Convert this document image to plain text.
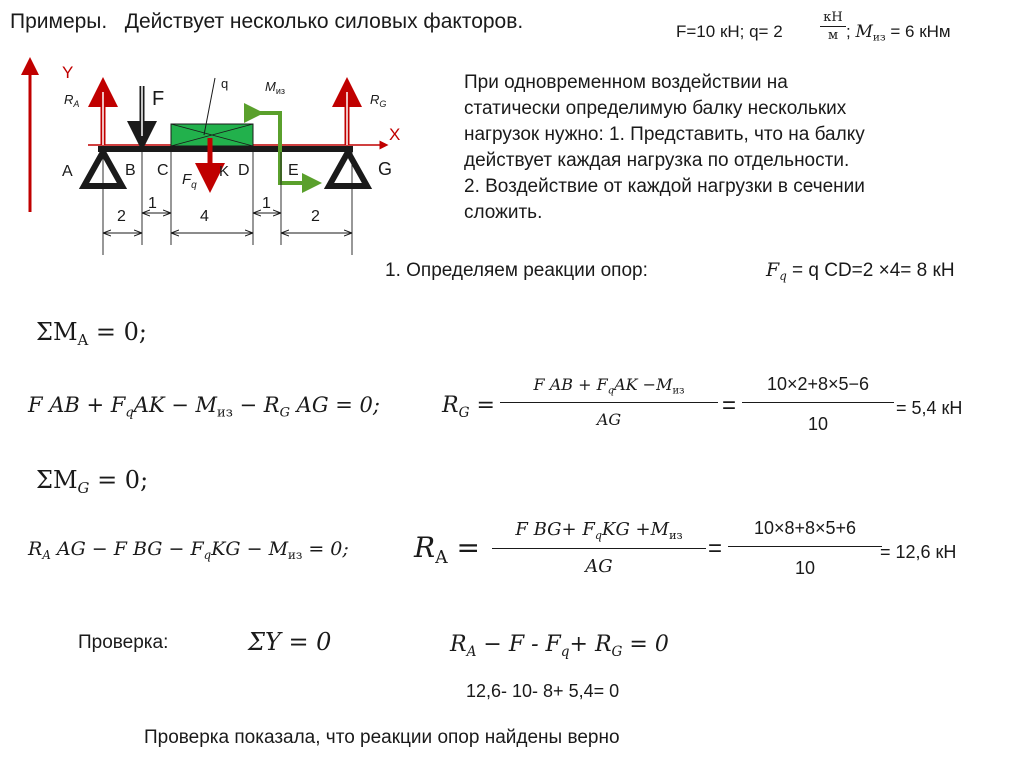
Примеры. Действует несколько силовых факторов.	F=10 кН; q= 2
кН
м ; $M_{из} = 6$ кНм
Y
X
q
$R_A$	$R_G$
F
$F_q$
$M_{из}$
A	B C	K D E	G
2
1
4
1
2
При одновременном воздействии на
статически определимую балку нескольких
нагрузок нужно: 1. Представить, что на балку
действует каждая нагрузка по отдельности.
2. Воздействие от каждой нагрузки в сечении
сложить.
1. Определяем реакции опор:	$F_q = q$ CD=2 ×4= 8 кН
$\Sigma M_A = 0$;
F AB + $F_qAK - M_{из} - R_G$ AG = 0;	$R_G$ =
F AB + $F_qAK -M_{из}$
AG
=
10×2+8×5−6
10
= 5,4 кН
$\Sigma M_G = 0$;
$R_A$ AG − F BG − $F_qKG - M_{из} = 0$; $R_A$ =
F $BG+ F_qKG +M_{из}$
AG
=
10×8+8×5+6
10
= 12,6 кН
Проверка:	ΣY = 0	$R_A - F - F_q+ R_G = 0$
12,6- 10- 8+ 5,4= 0
Проверка показала, что реакции опор найдены верно
